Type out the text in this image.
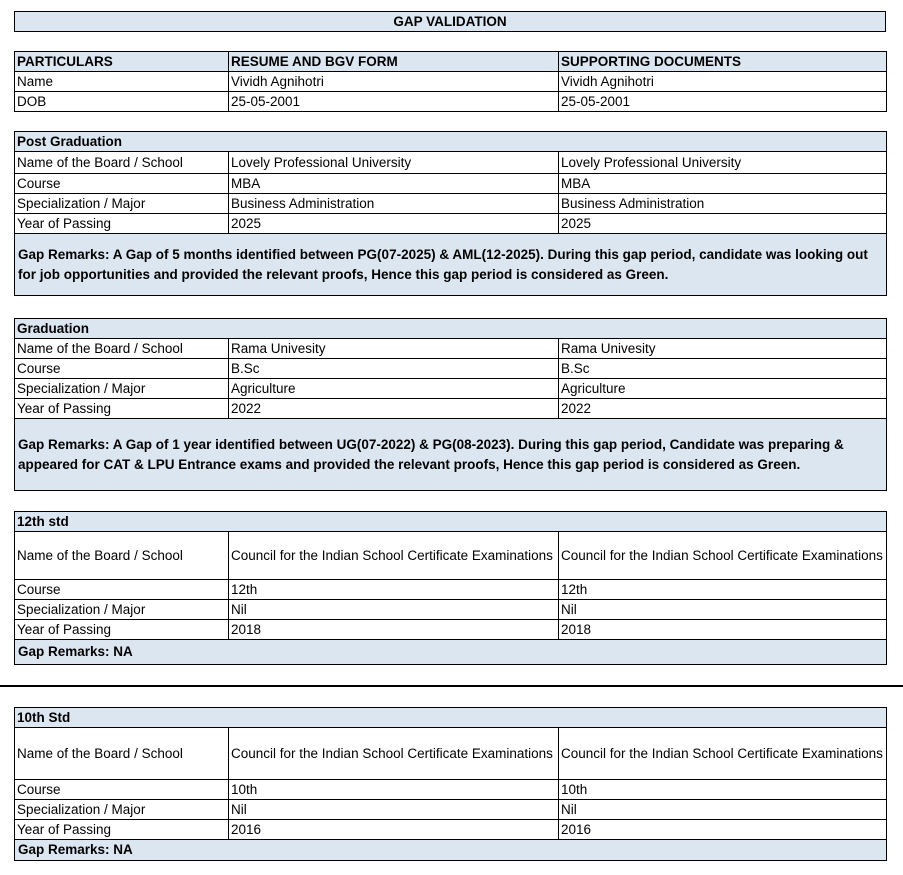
GAP VALIDATION
PARTICULARS	RESUME AND BGV FORM	SUPPORTING DOCUMENTS
Name	Vividh Agnihotri	Vividh Agnihotri
DOB	25-05-2001	25-05-2001
Post Graduation		
Name of the Board / School	Lovely Professional University	Lovely Professional University
Course	MBA	MBA
Specialization / Major	Business Administration	Business Administration
Year of Passing	2025	2025
Gap Remarks: A Gap of 5 months identified between PG(07-2025) & AML(12-2025). During this gap period, candidate was looking out for job opportunities and provided the relevant proofs, Hence this gap period is considered as Green.		
Graduation		
Name of the Board / School	Rama Univesity	Rama Univesity
Course	B.Sc	B.Sc
Specialization / Major	Agriculture	Agriculture
Year of Passing	2022	2022
Gap Remarks: A Gap of 1 year identified between UG(07-2022) & PG(08-2023). During this gap period, Candidate was preparing & appeared for CAT & LPU Entrance exams and provided the relevant proofs, Hence this gap period is considered as Green.		
12th std		
Name of the Board / School	Council for the Indian School Certificate Examinations	Council for the Indian School Certificate Examinations
Course	12th	12th
Specialization / Major	Nil	Nil
Year of Passing	2018	2018
Gap Remarks: NA		
10th Std		
Name of the Board / School	Council for the Indian School Certificate Examinations	Council for the Indian School Certificate Examinations
Course	10th	10th
Specialization / Major	Nil	Nil
Year of Passing	2016	2016
Gap Remarks: NA		
